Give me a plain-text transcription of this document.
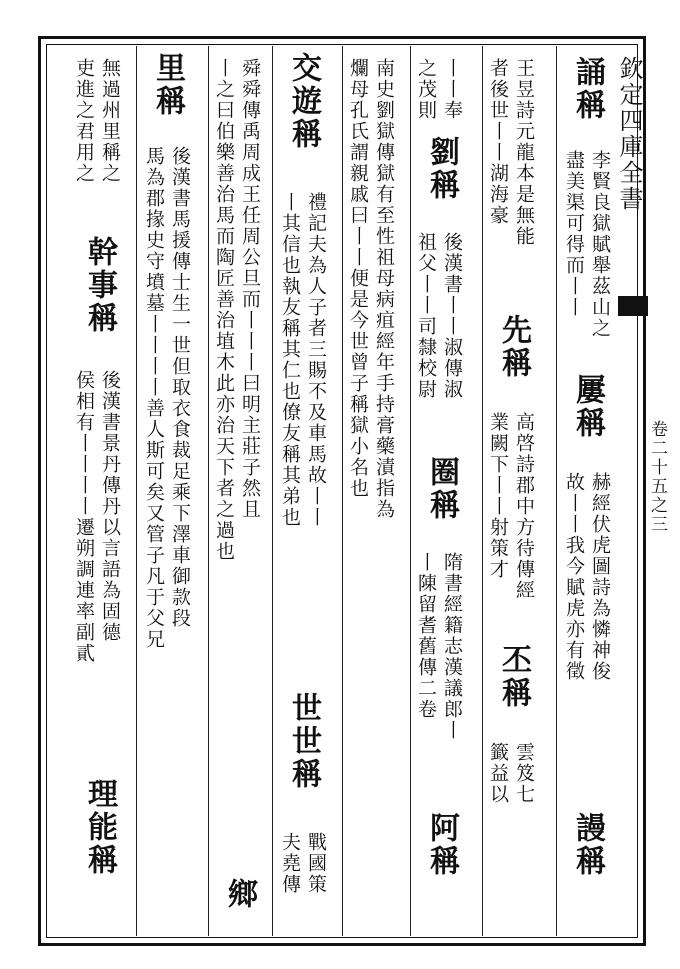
欽定四庫全書
卷二十五之三
誦稱
李賢良獄賦舉茲山之
盡美渠可得而丨丨
屢稱
赫經伏虎圖詩為憐神俊
故丨丨我今賦虎亦有徵
謾稱
王昱詩元龍本是無能
者後世丨丨湖海豪
先稱
高啓詩郡中方待傳經
業闕下丨丨射策才
丕稱
雲笈七
籤益以
丨丨奉
之茂則
劉稱
後漢書丨丨淑傳淑
祖父丨丨司隸校尉
圈稱
隋書經籍志漢議郎丨
丨陳留耆舊傳二卷
阿稱
南史劉獄傳獄有至性祖母病疽經年手持膏藥漬指為
爛母孔氏謂親戚曰丨丨便是今世曾子稱獄小名也
交遊稱
禮記夫為人子者三賜不及車馬故丨丨
丨其信也執友稱其仁也僚友稱其弟也
世世稱
戰國策
夫堯傳
舜舜傳禹周成王任周公旦而丨丨丨曰明主莊子然且
丨之曰伯樂善治馬而陶匠善治埴木此亦治天下者之過也
鄉
里稱
後漢書馬援傳士生一世但取衣食裁足乘下澤車御款段
馬為郡掾史守墳墓丨丨丨丨善人斯可矣又管子凡于父兄
無過州里稱之
吏進之君用之
幹事稱
後漢書景丹傳丹以言語為固德
侯相有丨丨丨丨遷朔調連率副貳
理能稱
